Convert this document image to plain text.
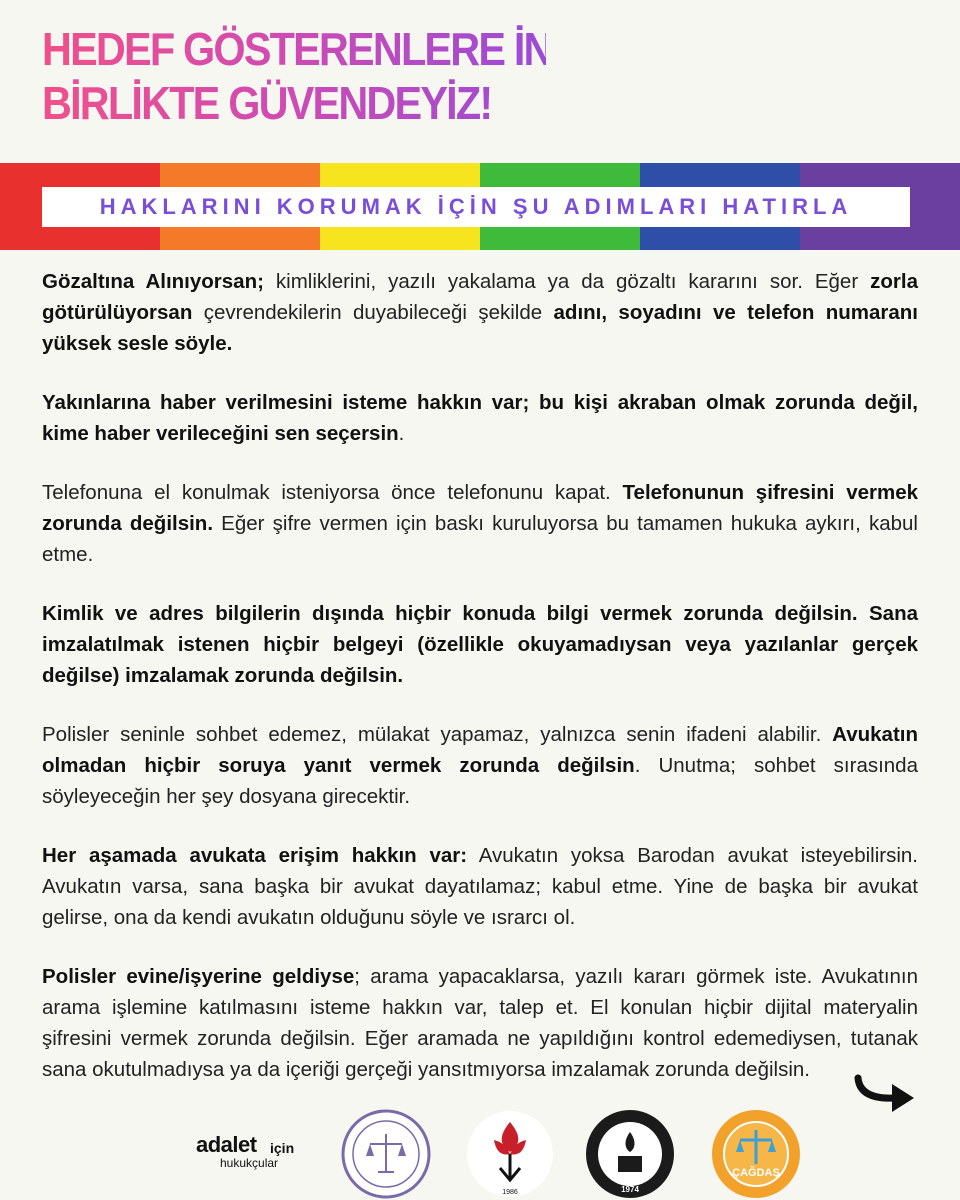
HEDEF GÖSTERENLERE İNAT,
BİRLİKTE GÜVENDEYİZ!
HAKLARINI KORUMAK İÇİN ŞU ADIMLARI HATIRLA

Gözaltına Alınıyorsan; kimliklerini, yazılı yakalama ya da gözaltı kararını sor. Eğer zorla götürülüyorsan çevrendekilerin duyabileceği şekilde adını, soyadını ve telefon numaranı yüksek sesle söyle.

Yakınlarına haber verilmesini isteme hakkın var; bu kişi akraban olmak zorunda değil, kime haber verileceğini sen seçersin.

Telefonuna el konulmak isteniyorsa önce telefonunu kapat. Telefonunun şifresini vermek zorunda değilsin. Eğer şifre vermen için baskı kuruluyorsa bu tamamen hukuka aykırı, kabul etme.

Kimlik ve adres bilgilerin dışında hiçbir konuda bilgi vermek zorunda değilsin. Sana imzalatılmak istenen hiçbir belgeyi (özellikle okuyamadıysan veya yazılanlar gerçek değilse) imzalamak zorunda değilsin.

Polisler seninle sohbet edemez, mülakat yapamaz, yalnızca senin ifadeni alabilir. Avukatın olmadan hiçbir soruya yanıt vermek zorunda değilsin. Unutma; sohbet sırasında söyleyeceğin her şey dosyana girecektir.

Her aşamada avukata erişim hakkın var: Avukatın yoksa Barodan avukat isteyebilirsin. Avukatın varsa, sana başka bir avukat dayatılamaz; kabul etme. Yine de başka bir avukat gelirse, ona da kendi avukatın olduğunu söyle ve ısrarcı ol.

Polisler evine/işyerine geldiyse; arama yapacaklarsa, yazılı kararı görmek iste. Avukatının arama işlemine katılmasını isteme hakkın var, talep et. El konulan hiçbir dijital materyalin şifresini vermek zorunda değilsin. Eğer aramada ne yapıldığını kontrol edemediysen, tutanak sana okutulmadıysa ya da içeriği gerçeği yansıtmıyorsa imzalamak zorunda değilsin.

adalet için
hukukçular
1986	1974
ÇAĞDAŞ
